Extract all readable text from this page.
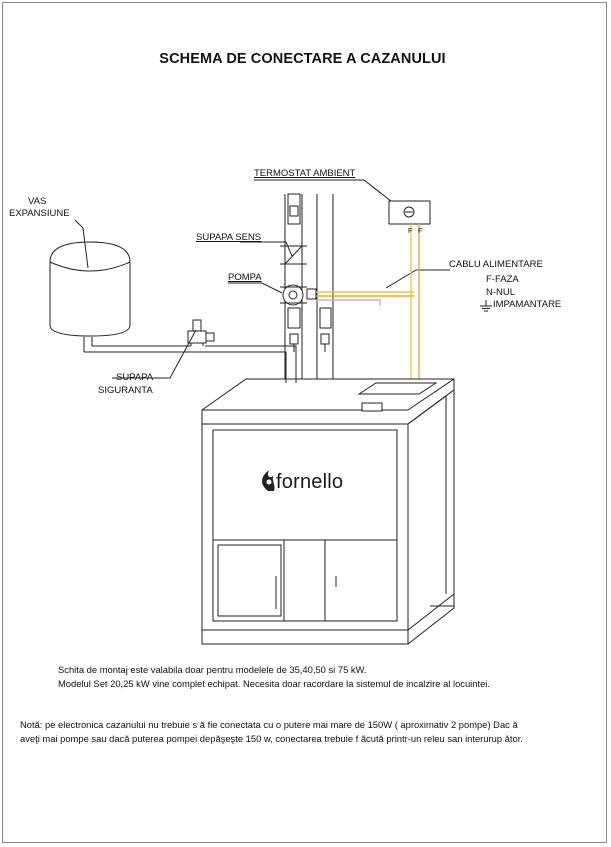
SCHEMA DE CONECTARE A CAZANULUI
VAS
EXPANSIUNE
TERMOSTAT AMBIENT
SUPAPA SENS
POMPA
CABLU ALIMENTARE
F-FAZA
N-NUL
IMPAMANTARE
SUPAPA
SIGURANTA
F F
fornello
Schita de montaj este valabila doar pentru modelele de 35,40,50 si 75 kW.
Modelul Set 20,25 kW vine complet echipat. Necesita doar racordare la sistemul de incalzire al locuintei.
Notă: pe electronica cazanului nu trebuie s ă fie conectata cu o putere mai mare de 150W ( aproximativ 2 pompe) Dac ă
aveţi mai pompe sau dacă puterea pompei depăşeşte 150 w, conectarea trebuie f ăcută printr-un releu san interurup ător.
